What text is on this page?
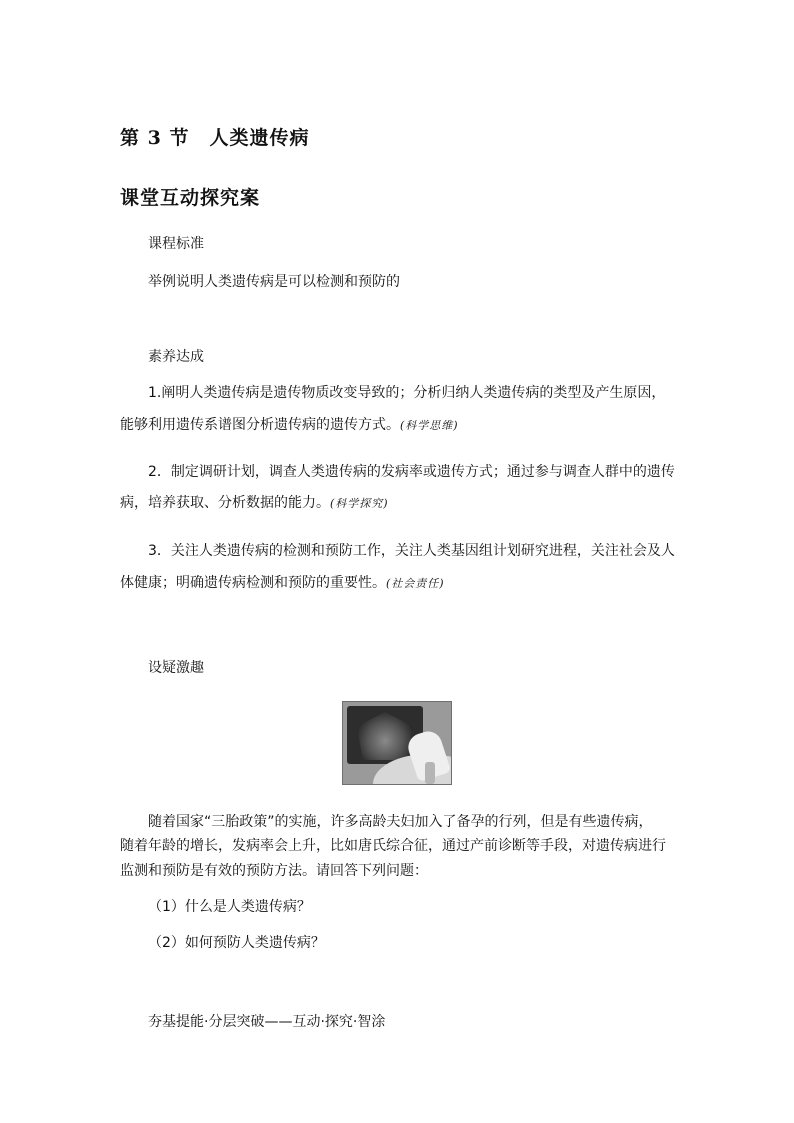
第 3 节　人类遗传病
课堂互动探究案
课程标准
举例说明人类遗传病是可以检测和预防的
素养达成
1.阐明人类遗传病是遗传物质改变导致的；分析归纳人类遗传病的类型及产生原因，
能够利用遗传系谱图分析遗传病的遗传方式。(科学思维)
2．制定调研计划，调查人类遗传病的发病率或遗传方式；通过参与调查人群中的遗传
病，培养获取、分析数据的能力。(科学探究)
3．关注人类遗传病的检测和预防工作，关注人类基因组计划研究进程，关注社会及人
体健康；明确遗传病检测和预防的重要性。(社会责任)
设疑激趣
随着国家“三胎政策”的实施，许多高龄夫妇加入了备孕的行列，但是有些遗传病，
随着年龄的增长，发病率会上升，比如唐氏综合征，通过产前诊断等手段，对遗传病进行
监测和预防是有效的预防方法。请回答下列问题：
（1）什么是人类遗传病？
（2）如何预防人类遗传病？
夯基提能·分层突破——互动·探究·智涂
